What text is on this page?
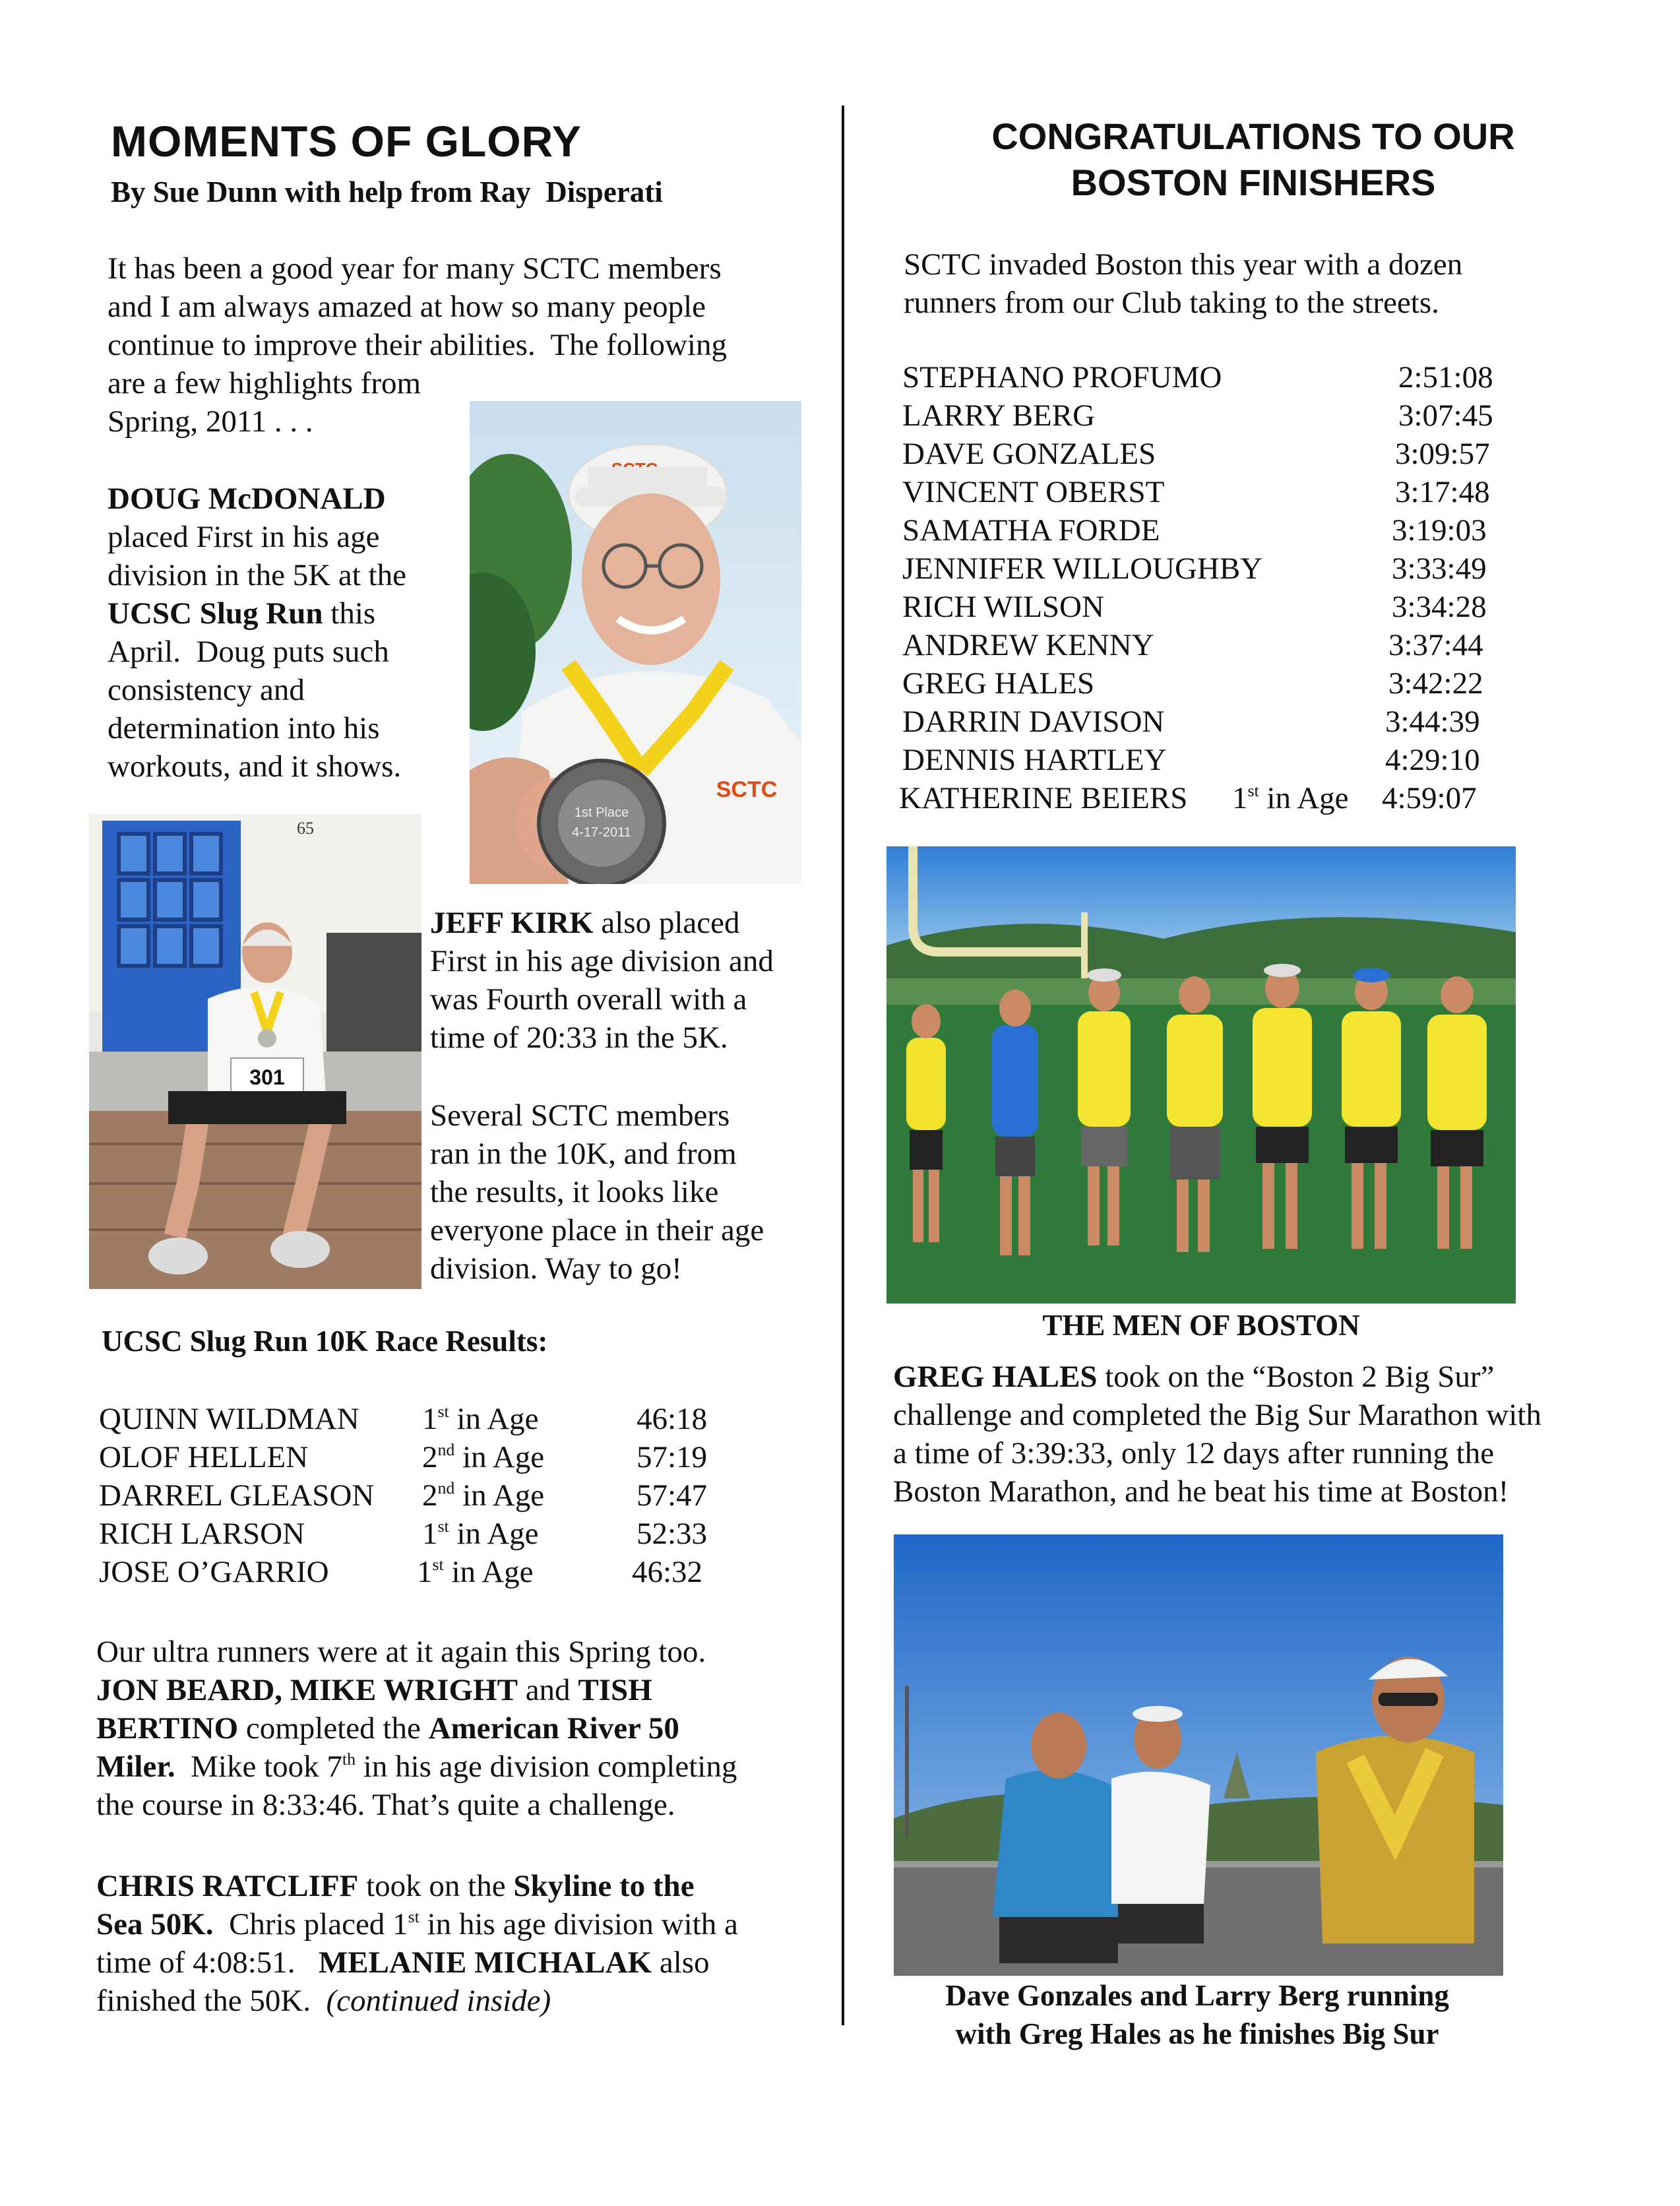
MOMENTS OF GLORY
By Sue Dunn with help from Ray  Disperati
It has been a good year for many SCTC members
and I am always amazed at how so many people
continue to improve their abilities.  The following
are a few highlights from
Spring, 2011 . . .
DOUG McDONALD
placed First in his age
division in the 5K at the
UCSC Slug Run this
April.  Doug puts such
consistency and
determination into his
workouts, and it shows.
SCTC
1st Place
4-17-2011
65
301
JEFF KIRK also placed
First in his age division and
was Fourth overall with a
time of 20:33 in the 5K.
Several SCTC members
ran in the 10K, and from
the results, it looks like
everyone place in their age
division. Way to go!
UCSC Slug Run 10K Race Results:
QUINN WILDMAN 1st in Age	46:18
OLOF HELLEN	2nd in Age	57:19
DARREL GLEASON 2nd in Age	57:47
RICH LARSON	1st in Age	52:33
JOSE O’GARRIO	1st in Age	46:32
Our ultra runners were at it again this Spring too.
JON BEARD, MIKE WRIGHT and TISH
BERTINO completed the American River 50
Miler.  Mike took 7th in his age division completing
the course in 8:33:46. That’s quite a challenge.
CHRIS RATCLIFF took on the Skyline to the
Sea 50K.  Chris placed 1st in his age division with a
time of 4:08:51.   MELANIE MICHALAK also
finished the 50K.  (continued inside)
CONGRATULATIONS TO OUR
BOSTON FINISHERS
SCTC invaded Boston this year with a dozen
runners from our Club taking to the streets.
STEPHANO PROFUMO	2:51:08
LARRY BERG	3:07:45
DAVE GONZALES	3:09:57
VINCENT OBERST	3:17:48
SAMATHA FORDE	3:19:03
JENNIFER WILLOUGHBY	3:33:49
RICH WILSON	3:34:28
ANDREW KENNY	3:37:44
GREG HALES	3:42:22
DARRIN DAVISON	3:44:39
DENNIS HARTLEY	4:29:10
KATHERINE BEIERS 1st in Age 4:59:07
THE MEN OF BOSTON
GREG HALES took on the “Boston 2 Big Sur”
challenge and completed the Big Sur Marathon with
a time of 3:39:33, only 12 days after running the
Boston Marathon, and he beat his time at Boston!
Dave Gonzales and Larry Berg running
with Greg Hales as he finishes Big Sur
